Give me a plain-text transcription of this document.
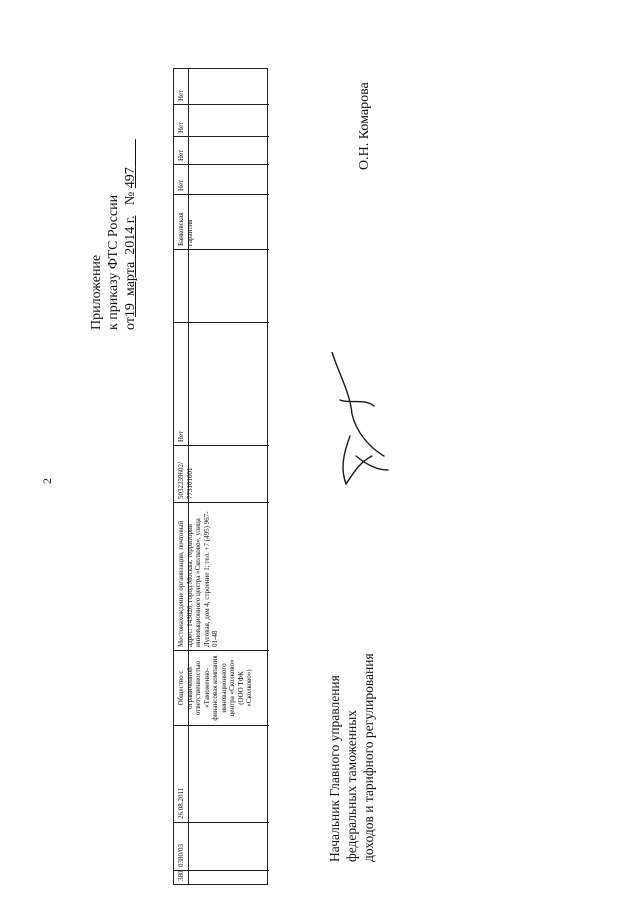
2
Приложение к приказу ФТС России от19  марта  2014 г.   № 497
380
0380/03
26.08.2011
Общество с ограниченной ответственностью «Таможенно-финансовая компания инновационного центра «Сколково» (ООО ТФК «Сколково»)
Местонахождение организации, почтовый адрес: 143026, город Москва, территория инновационного центра «Сколково», улица Луговая, дом 4, строение 1; тел. +7 (495) 967-01-48
5032239602/ 773101001
Нет
Банковская гарантия
Нет
Нет
Нет
Нет
Начальник Главного управления федеральных таможенных доходов и тарифного регулирования
О.Н. Комарова
